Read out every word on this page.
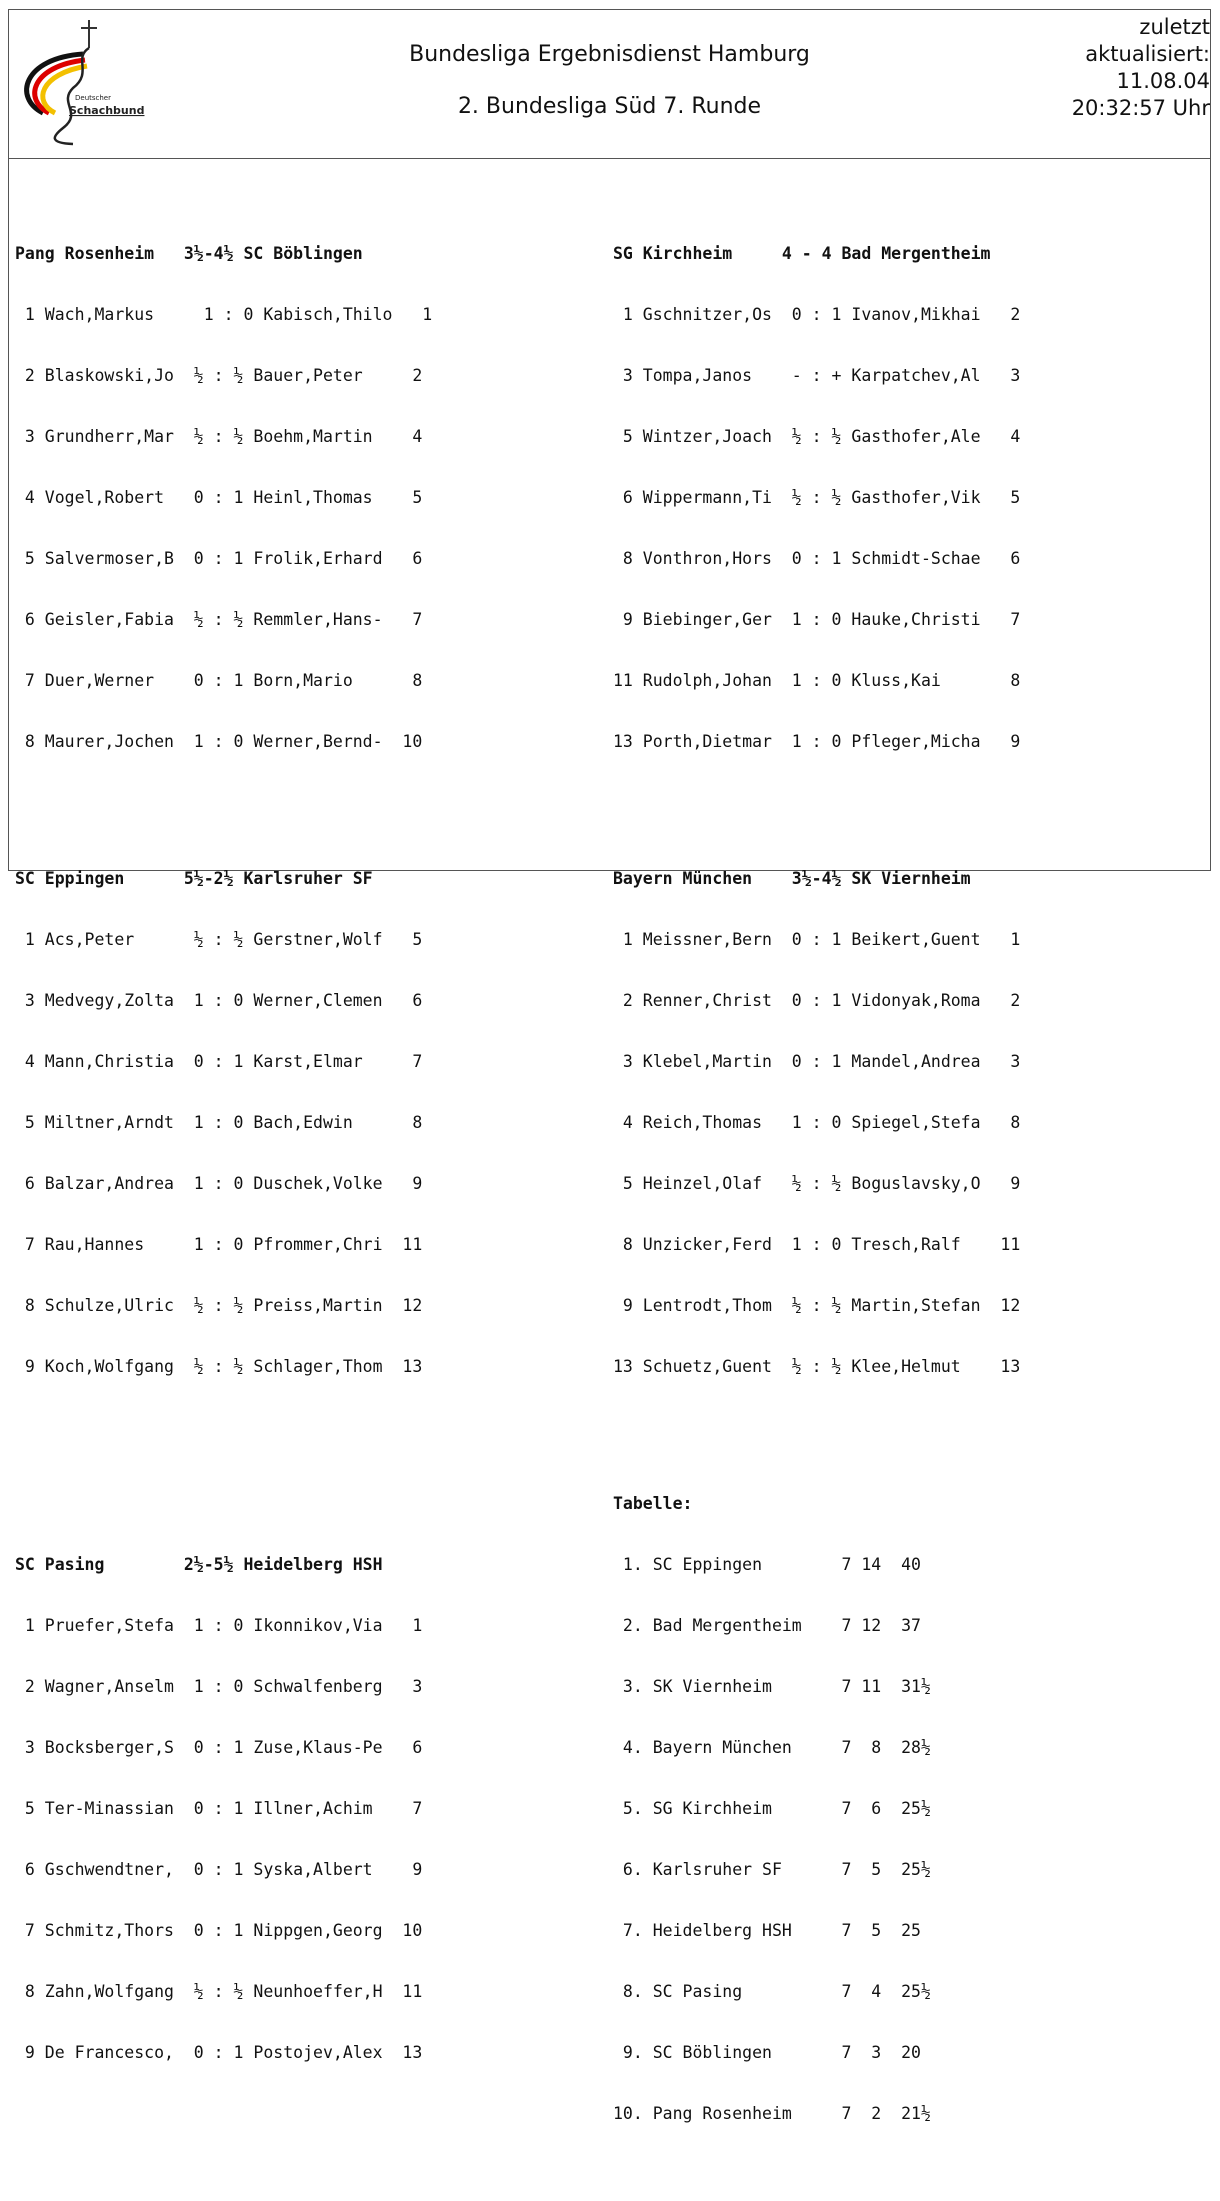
Deutscher
Schachbund
Bundesliga Ergebnisdienst Hamburg
2. Bundesliga Süd 7. Runde
zuletzt
aktualisiert:
11.08.04
20:32:57 Uhr

Pang Rosenheim   3½-4½ SC Böblingen

1 Wach,Markus     1 : 0 Kabisch,Thilo   1

2 Blaskowski,Jo  ½ : ½ Bauer,Peter     2

3 Grundherr,Mar  ½ : ½ Boehm,Martin    4

4 Vogel,Robert   0 : 1 Heinl,Thomas    5

5 Salvermoser,B  0 : 1 Frolik,Erhard   6

6 Geisler,Fabia  ½ : ½ Remmler,Hans-   7

7 Duer,Werner    0 : 1 Born,Mario      8

8 Maurer,Jochen  1 : 0 Werner,Bernd-  10

SC Eppingen      5½-2½ Karlsruher SF

1 Acs,Peter      ½ : ½ Gerstner,Wolf   5

3 Medvegy,Zolta  1 : 0 Werner,Clemen   6

4 Mann,Christia  0 : 1 Karst,Elmar     7

5 Miltner,Arndt  1 : 0 Bach,Edwin      8

6 Balzar,Andrea  1 : 0 Duschek,Volke   9

7 Rau,Hannes     1 : 0 Pfrommer,Chri  11

8 Schulze,Ulric  ½ : ½ Preiss,Martin  12

9 Koch,Wolfgang  ½ : ½ Schlager,Thom  13

SC Pasing        2½-5½ Heidelberg HSH

1 Pruefer,Stefa  1 : 0 Ikonnikov,Via   1

2 Wagner,Anselm  1 : 0 Schwalfenberg   3

3 Bocksberger,S  0 : 1 Zuse,Klaus-Pe   6

5 Ter-Minassian  0 : 1 Illner,Achim    7

6 Gschwendtner,  0 : 1 Syska,Albert    9

7 Schmitz,Thors  0 : 1 Nippgen,Georg  10

8 Zahn,Wolfgang  ½ : ½ Neunhoeffer,H  11

9 De Francesco,  0 : 1 Postojev,Alex  13

SG Kirchheim     4 - 4 Bad Mergentheim

1 Gschnitzer,Os  0 : 1 Ivanov,Mikhai   2

3 Tompa,Janos    - : + Karpatchev,Al   3

5 Wintzer,Joach  ½ : ½ Gasthofer,Ale   4

6 Wippermann,Ti  ½ : ½ Gasthofer,Vik   5

8 Vonthron,Hors  0 : 1 Schmidt-Schae   6

9 Biebinger,Ger  1 : 0 Hauke,Christi   7

11 Rudolph,Johan  1 : 0 Kluss,Kai       8

13 Porth,Dietmar  1 : 0 Pfleger,Micha   9

Bayern München    3½-4½ SK Viernheim

1 Meissner,Bern  0 : 1 Beikert,Guent   1

2 Renner,Christ  0 : 1 Vidonyak,Roma   2

3 Klebel,Martin  0 : 1 Mandel,Andrea   3

4 Reich,Thomas   1 : 0 Spiegel,Stefa   8

5 Heinzel,Olaf   ½ : ½ Boguslavsky,O   9

8 Unzicker,Ferd  1 : 0 Tresch,Ralf    11

9 Lentrodt,Thom  ½ : ½ Martin,Stefan  12

13 Schuetz,Guent  ½ : ½ Klee,Helmut    13

Tabelle:

1. SC Eppingen        7 14  40

2. Bad Mergentheim    7 12  37

3. SK Viernheim       7 11  31½

4. Bayern München     7  8  28½

5. SG Kirchheim       7  6  25½

6. Karlsruher SF      7  5  25½

7. Heidelberg HSH     7  5  25

8. SC Pasing          7  4  25½

9. SC Böblingen       7  3  20

10. Pang Rosenheim     7  2  21½
